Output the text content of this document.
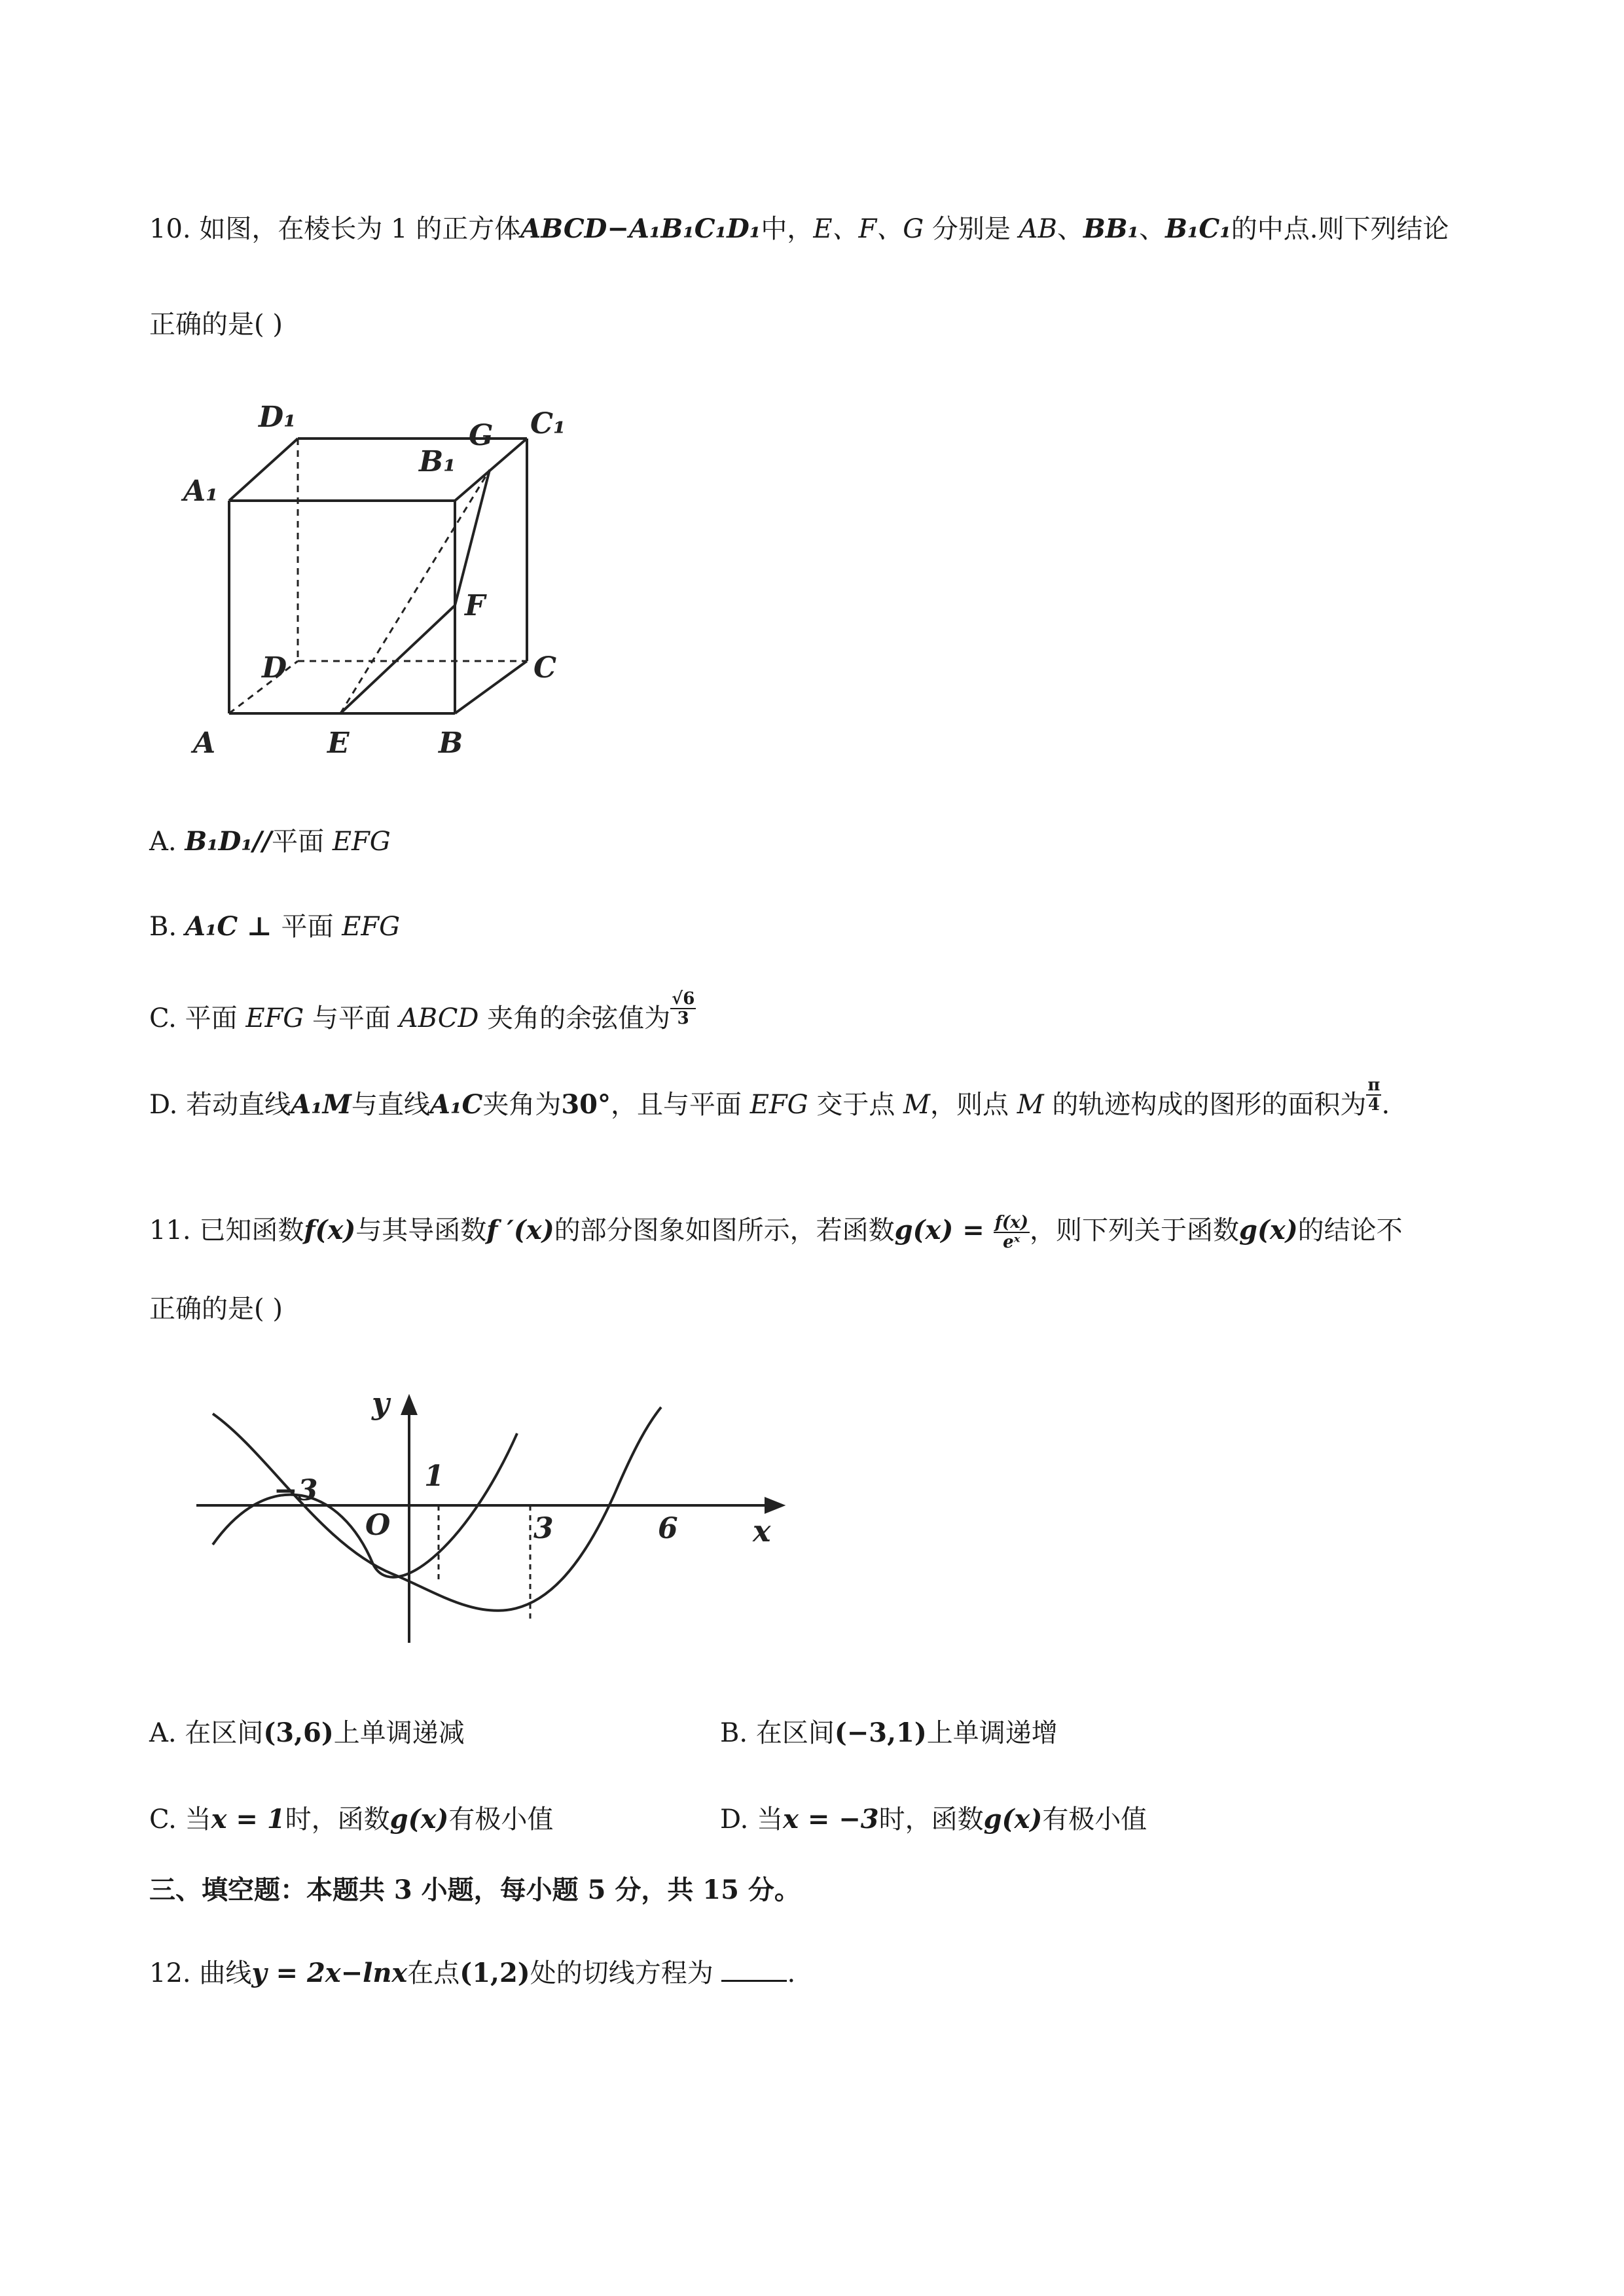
10. 如图，在棱长为 1 的正方体ABCD−A₁B₁C₁D₁中，E、F、G 分别是 AB、BB₁、B₁C₁的中点.则下列结论
正确的是( )
D₁	C₁
A₁
B₁
G
F
D	C
A	E	B
A. B₁D₁//平面 EFG
B. A₁C ⊥ 平面 EFG
C. 平面 EFG 与平面 ABCD 夹角的余弦值为 $\frac{√6}{3}$
D. 若动直线A₁M与直线A₁C夹角为30°，且与平面 EFG 交于点 M，则点 M 的轨迹构成的图形的面积为 $\frac{\pi}{4}$ .
11. 已知函数f(x)与其导函数f ′(x)的部分图象如图所示，若函数$g(x) = \frac{f(x)}{\text{eˣ}}$ ，则下列关于函数g(x)的结论不
正确的是( )
y
x
−3	1
O	3	6
A. 在区间(3,6)上单调递减	B. 在区间(−3,1)上单调递增
C. 当x = 1时，函数g(x)有极小值	D. 当x = −3时，函数g(x)有极小值
三、填空题：本题共 3 小题，每小题 5 分，共 15 分。
12. 曲线y = 2x−lnx在点(1,2)处的切线方程为	.
